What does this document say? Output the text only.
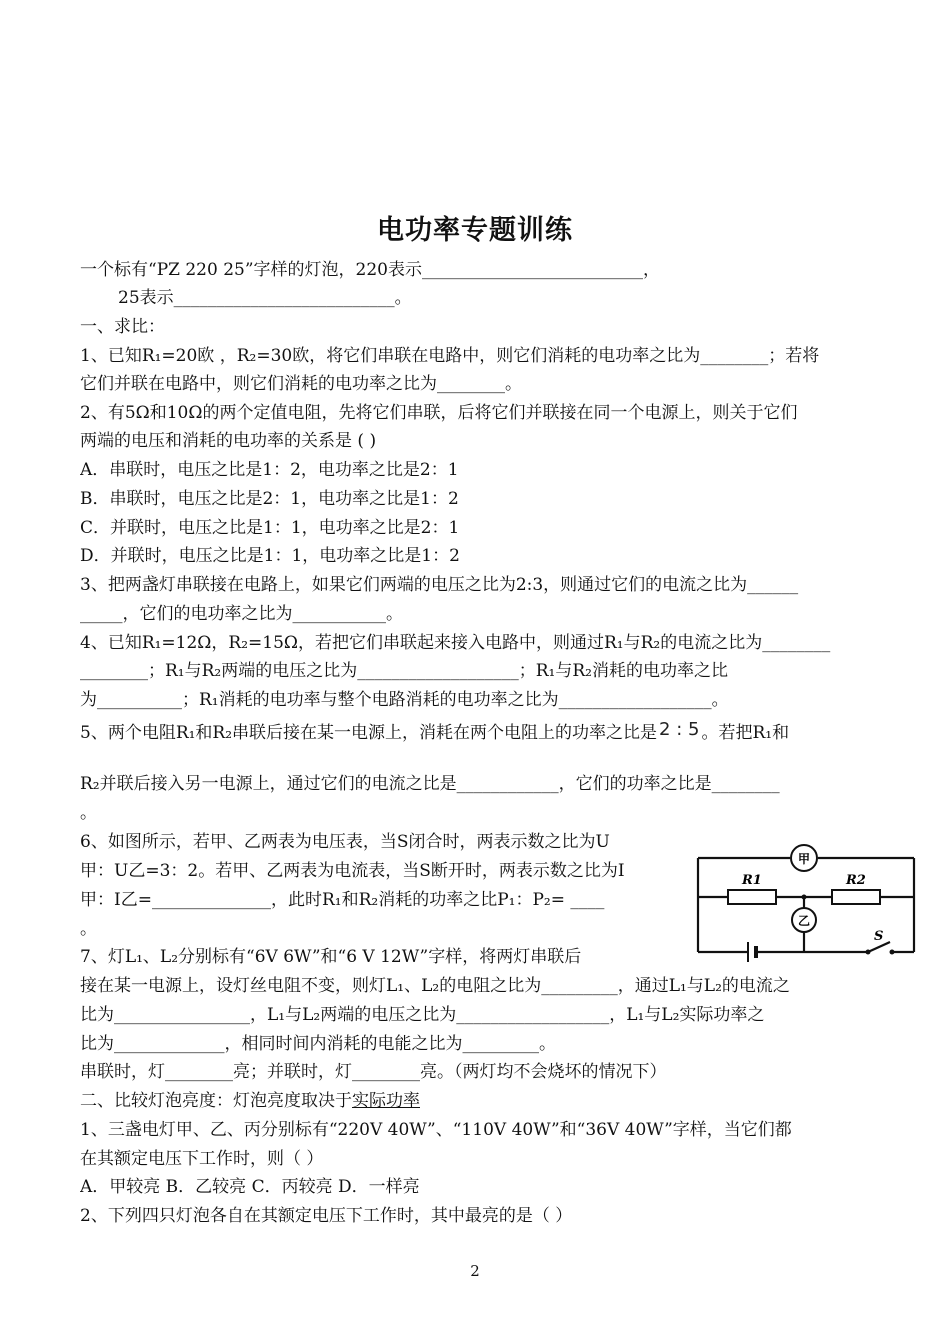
电功率专题训练
一个标有“PZ 220 25”字样的灯泡，220表示__________________________，
25表示__________________________。
一、求比：
1、已知R₁=20欧 ，R₂=30欧，将它们串联在电路中，则它们消耗的电功率之比为________；若将
它们并联在电路中，则它们消耗的电功率之比为________。
2、有5Ω和10Ω的两个定值电阻，先将它们串联，后将它们并联接在同一个电源上，则关于它们
两端的电压和消耗的电功率的关系是 ( )
A．串联时，电压之比是1：2，电功率之比是2：1
B．串联时，电压之比是2：1，电功率之比是1：2
C．并联时，电压之比是1：1，电功率之比是2：1
D．并联时，电压之比是1：1，电功率之比是1：2
3、把两盏灯串联接在电路上，如果它们两端的电压之比为2:3，则通过它们的电流之比为______
_____，它们的电功率之比为___________。
4、已知R₁=12Ω，R₂=15Ω，若把它们串联起来接入电路中，则通过R₁与R₂的电流之比为________
________；R₁与R₂两端的电压之比为___________________；R₁与R₂消耗的电功率之比
为__________；R₁消耗的电功率与整个电路消耗的电功率之比为__________________。
5、两个电阻R₁和R₂串联后接在某一电源上，消耗在两个电阻上的功率之比是 2 : 5 。若把R₁和
R₂并联后接入另一电源上，通过它们的电流之比是____________，它们的功率之比是________
。
6、如图所示，若甲、乙两表为电压表，当S闭合时，两表示数之比为U
甲：U乙=3：2。若甲、乙两表为电流表，当S断开时，两表示数之比为I
甲：I乙=______________，此时R₁和R₂消耗的功率之比P₁：P₂= ____
。
7、灯L₁、L₂分别标有“6V 6W”和“6 V 12W”字样，将两灯串联后
接在某一电源上，设灯丝电阻不变，则灯L₁、L₂的电阻之比为_________，通过L₁与L₂的电流之
比为________________，L₁与L₂两端的电压之比为__________________，L₁与L₂实际功率之
比为_____________，相同时间内消耗的电能之比为_________。
串联时，灯________亮；并联时，灯________亮。（两灯均不会烧坏的情况下）
二、比较灯泡亮度：灯泡亮度取决于实际功率
1、三盏电灯甲、乙、丙分别标有“220V 40W”、“110V 40W”和“36V 40W”字样，当它们都
在其额定电压下工作时，则（ ）
A．甲较亮 B．乙较亮 C．丙较亮 D．一样亮
2、下列四只灯泡各自在其额定电压下工作时，其中最亮的是（ ）
甲
乙
R1	R2
S
2
